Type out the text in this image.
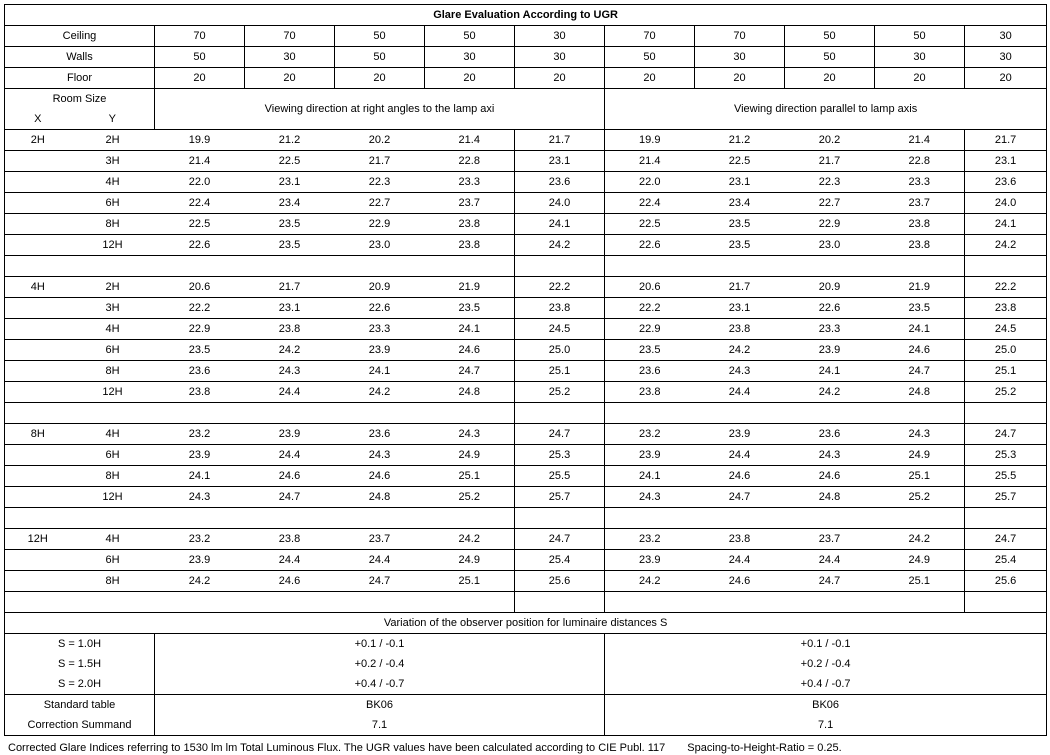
Glare Evaluation According to UGR											
Ceiling		70	70	50	50	30	70	70	50	50	30
Walls		50	30	50	30	30	50	30	50	30	30
Floor		20	20	20	20	20	20	20	20	20	20
Room Size		Viewing direction at right angles to the lamp axi					Viewing direction parallel to lamp axis				
X	Y										
2H	2H	19.9	21.2	20.2	21.4	21.7	19.9	21.2	20.2	21.4	21.7
	3H	21.4	22.5	21.7	22.8	23.1	21.4	22.5	21.7	22.8	23.1
	4H	22.0	23.1	22.3	23.3	23.6	22.0	23.1	22.3	23.3	23.6
	6H	22.4	23.4	22.7	23.7	24.0	22.4	23.4	22.7	23.7	24.0
	8H	22.5	23.5	22.9	23.8	24.1	22.5	23.5	22.9	23.8	24.1
	12H	22.6	23.5	23.0	23.8	24.2	22.6	23.5	23.0	23.8	24.2

4H	2H	20.6	21.7	20.9	21.9	22.2	20.6	21.7	20.9	21.9	22.2
	3H	22.2	23.1	22.6	23.5	23.8	22.2	23.1	22.6	23.5	23.8
	4H	22.9	23.8	23.3	24.1	24.5	22.9	23.8	23.3	24.1	24.5
	6H	23.5	24.2	23.9	24.6	25.0	23.5	24.2	23.9	24.6	25.0
	8H	23.6	24.3	24.1	24.7	25.1	23.6	24.3	24.1	24.7	25.1
	12H	23.8	24.4	24.2	24.8	25.2	23.8	24.4	24.2	24.8	25.2

8H	4H	23.2	23.9	23.6	24.3	24.7	23.2	23.9	23.6	24.3	24.7
	6H	23.9	24.4	24.3	24.9	25.3	23.9	24.4	24.3	24.9	25.3
	8H	24.1	24.6	24.6	25.1	25.5	24.1	24.6	24.6	25.1	25.5
	12H	24.3	24.7	24.8	25.2	25.7	24.3	24.7	24.8	25.2	25.7

12H	4H	23.2	23.8	23.7	24.2	24.7	23.2	23.8	23.7	24.2	24.7
	6H	23.9	24.4	24.4	24.9	25.4	23.9	24.4	24.4	24.9	25.4
	8H	24.2	24.6	24.7	25.1	25.6	24.2	24.6	24.7	25.1	25.6

Variation of the observer position for luminaire distances S											
S = 1.0H		+0.1 / -0.1					+0.1 / -0.1				
S = 1.5H		+0.2 / -0.4					+0.2 / -0.4				
S = 2.0H		+0.4 / -0.7					+0.4 / -0.7				
Standard table		BK06					BK06				
Correction Summand		7.1					7.1				
Corrected Glare Indices referring to 1530 lm lm Total Luminous Flux. The UGR values have been calculated according to CIE Publ. 117 Spacing-to-Height-Ratio = 0.25.
